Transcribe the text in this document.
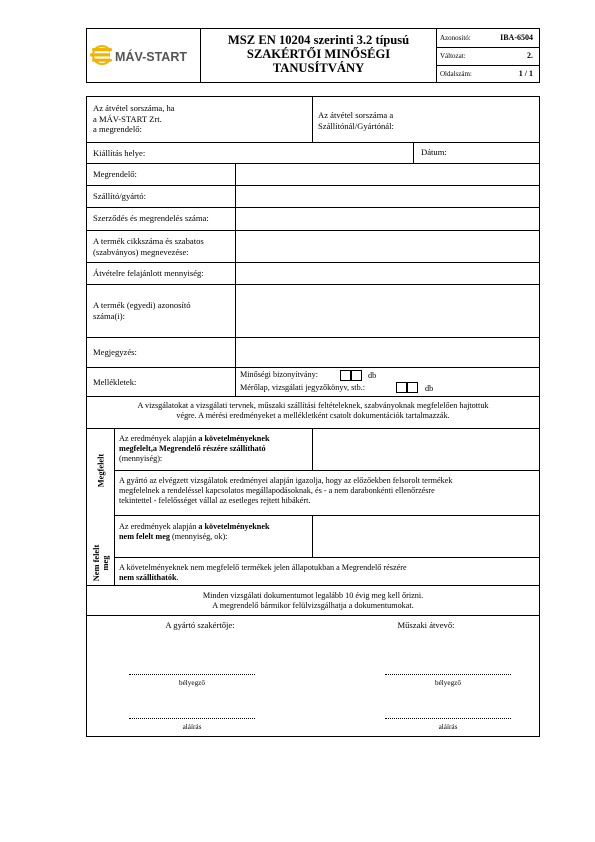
MÁV-START
MSZ EN 10204 szerinti 3.2 típusú
SZAKÉRTŐI MINŐSÉGI
TANUSÍTVÁNY
Azonosító:	IBA-6504
Változat:	2.
Oldalszám:	1 / 1
Az átvétel sorszáma, ha
a MÁV-START Zrt.
a megrendelő:
Az átvétel sorszáma a
Szállítónál/Gyártónál:
Kiállítás helye:	Dátum:
Megrendelő:
Szállító/gyártó:
Szerződés és megrendelés száma:
A termék cikkszáma és szabatos
(szabványos) megnevezése:
Átvételre felajánlott mennyiség:
A termék (egyedi) azonosító
száma(i):
Megjegyzés:
Mellékletek:
Minőségi bizonyítvány:	db
Mérőlap, vizsgálati jegyzőkönyv, stb.:	db
A vizsgálatokat a vizsgálati tervnek, műszaki szállítási feltételeknek, szabványoknak megfelelően hajtottuk
végre. A mérési eredményeket a mellékletként csatolt dokumentációk tartalmazzák.
Megfelelt
Az eredmények alapján a követelményeknek
megfelelt,a Megrendelő részére szállítható
(mennyiség):
A gyártó az elvégzett vizsgálatok eredményei alapján igazolja, hogy az előzőekben felsorolt termékek
megfelelnek a rendeléssel kapcsolatos megállapodásoknak, és - a nem darabonkénti ellenőrzésre
tekintettel - felelősséget vállal az esetleges rejtett hibákért.
Nem felelt meg
Az eredmények alapján a követelményeknek
nem felelt meg (mennyiség, ok):
A követelményeknek nem megfelelő termékek jelen állapotukban a Megrendelő részére
nem szállíthatók.
Minden vizsgálati dokumentumot legalább 10 évig meg kell őrizni.
A megrendelő bármikor felülvizsgálhatja a dokumentumokat.
A gyártó szakértője:	Műszaki átvevő:
bélyegző	bélyegző
aláírás	aláírás
